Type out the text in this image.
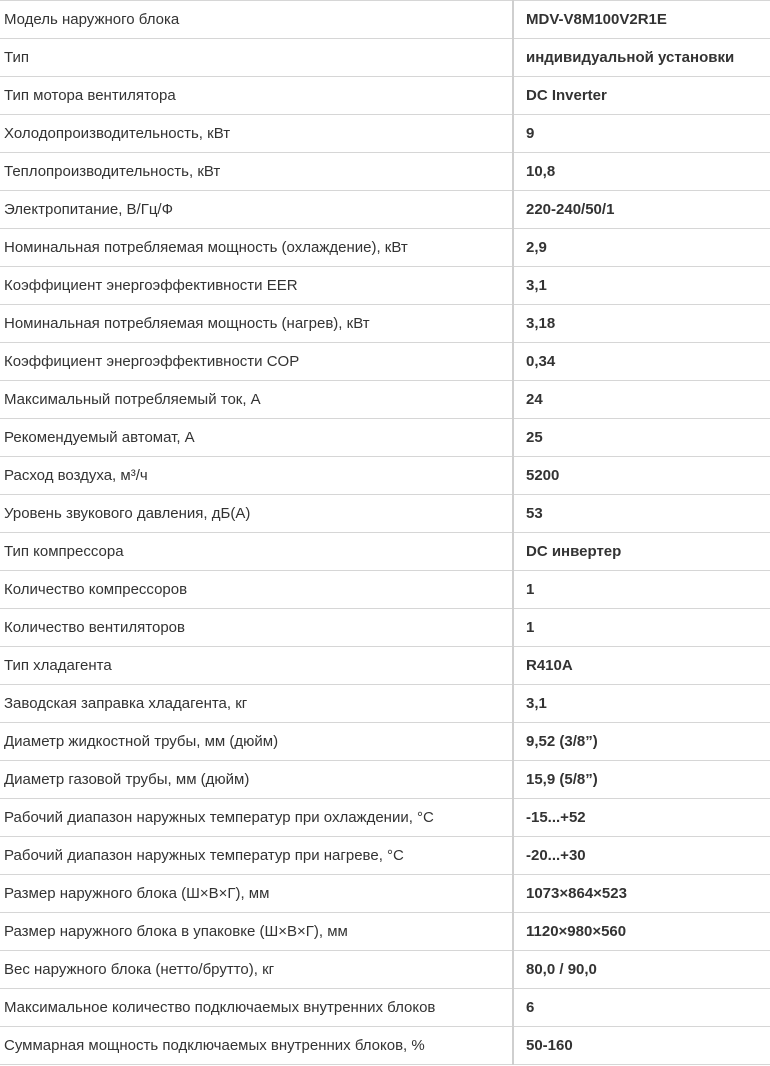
Модель наружного блока	MDV-V8M100V2R1E
Тип	индивидуальной установки
Тип мотора вентилятора	DC Inverter
Холодопроизводительность, кВт	9
Теплопроизводительность, кВт	10,8
Электропитание, В/Гц/Ф	220-240/50/1
Номинальная потребляемая мощность (охлаждение), кВт	2,9
Коэффициент энергоэффективности EER	3,1
Номинальная потребляемая мощность (нагрев), кВт	3,18
Коэффициент энергоэффективности COP	0,34
Максимальный потребляемый ток, А	24
Рекомендуемый автомат, А	25
Расход воздуха, м³/ч	5200
Уровень звукового давления, дБ(А)	53
Тип компрессора	DC инвертер
Количество компрессоров	1
Количество вентиляторов	1
Тип хладагента	R410A
Заводская заправка хладагента, кг	3,1
Диаметр жидкостной трубы, мм (дюйм)	9,52 (3/8”)
Диаметр газовой трубы, мм (дюйм)	15,9 (5/8”)
Рабочий диапазон наружных температур при охлаждении, °С	-15...+52
Рабочий диапазон наружных температур при нагреве, °С	-20...+30
Размер наружного блока (Ш×В×Г), мм	1073×864×523
Размер наружного блока в упаковке (Ш×В×Г), мм	1120×980×560
Вес наружного блока (нетто/брутто), кг	80,0 / 90,0
Максимальное количество подключаемых внутренних блоков	6
Суммарная мощность подключаемых внутренних блоков, %	50-160
